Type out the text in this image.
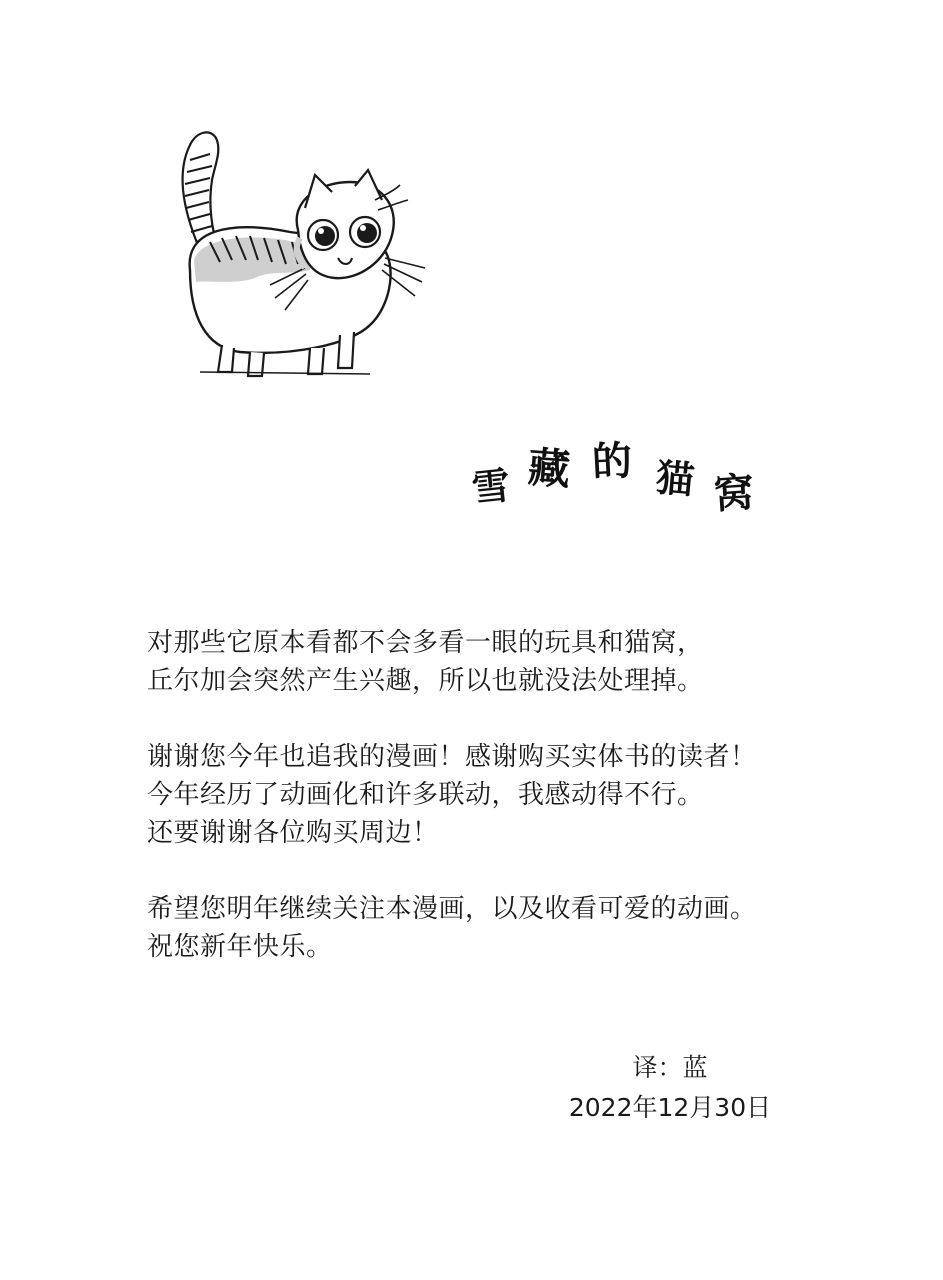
雪 藏 的 猫 窝

对那些它原本看都不会多看一眼的玩具和猫窝，

丘尔加会突然产生兴趣，所以也就没法处理掉。

谢谢您今年也追我的漫画！感谢购买实体书的读者！

今年经历了动画化和许多联动，我感动得不行。

还要谢谢各位购买周边！

希望您明年继续关注本漫画，以及收看可爱的动画。

祝您新年快乐。

译：蓝

2022年12月30日
